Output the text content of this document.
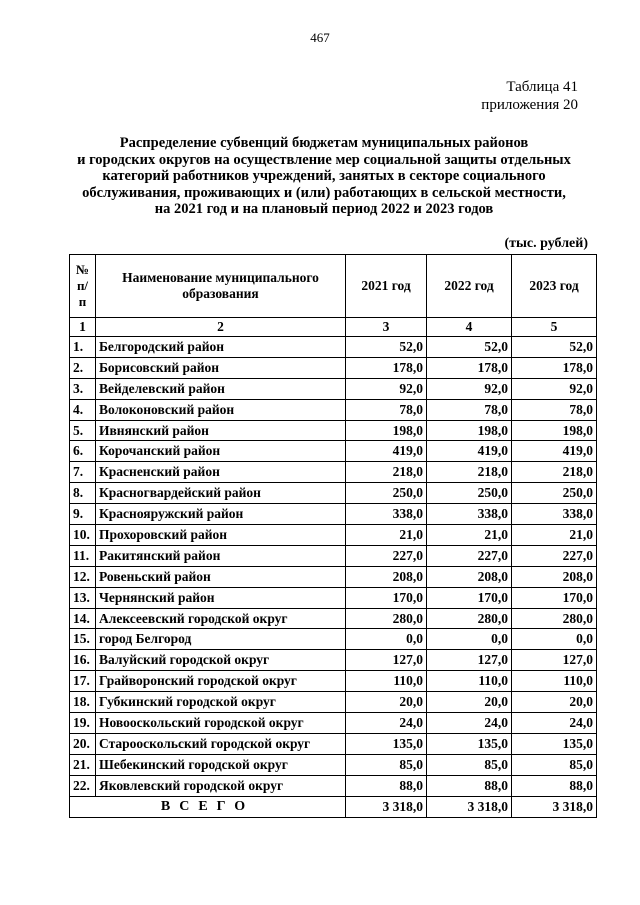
467
Таблица 41
приложения 20
Распределение субвенций бюджетам муниципальных районов
и городских округов на осуществление мер социальной защиты отдельных
категорий работников учреждений, занятых в секторе социального
обслуживания, проживающих и (или) работающих в сельской местности,
на 2021 год и на плановый период 2022 и 2023 годов
(тыс. рублей)
№ п/ п	Наименование муниципального образования	2021 год	2022 год	2023 год
1	2	3	4	5
1.	Белгородский район	52,0	52,0	52,0
2.	Борисовский район	178,0	178,0	178,0
3.	Вейделевский район	92,0	92,0	92,0
4.	Волоконовский район	78,0	78,0	78,0
5.	Ивнянский район	198,0	198,0	198,0
6.	Корочанский район	419,0	419,0	419,0
7.	Красненский район	218,0	218,0	218,0
8.	Красногвардейский район	250,0	250,0	250,0
9.	Краснояружский район	338,0	338,0	338,0
10.	Прохоровский район	21,0	21,0	21,0
11.	Ракитянский район	227,0	227,0	227,0
12.	Ровеньский район	208,0	208,0	208,0
13.	Чернянский район	170,0	170,0	170,0
14.	Алексеевский городской округ	280,0	280,0	280,0
15.	город Белгород	0,0	0,0	0,0
16.	Валуйский городской округ	127,0	127,0	127,0
17.	Грайворонский городской округ	110,0	110,0	110,0
18.	Губкинский городской округ	20,0	20,0	20,0
19.	Новооскольский городской округ	24,0	24,0	24,0
20.	Старооскольский городской округ	135,0	135,0	135,0
21.	Шебекинский городской округ	85,0	85,0	85,0
22.	Яковлевский городской округ	88,0	88,0	88,0
ВСЕГО		3 318,0	3 318,0	3 318,0
